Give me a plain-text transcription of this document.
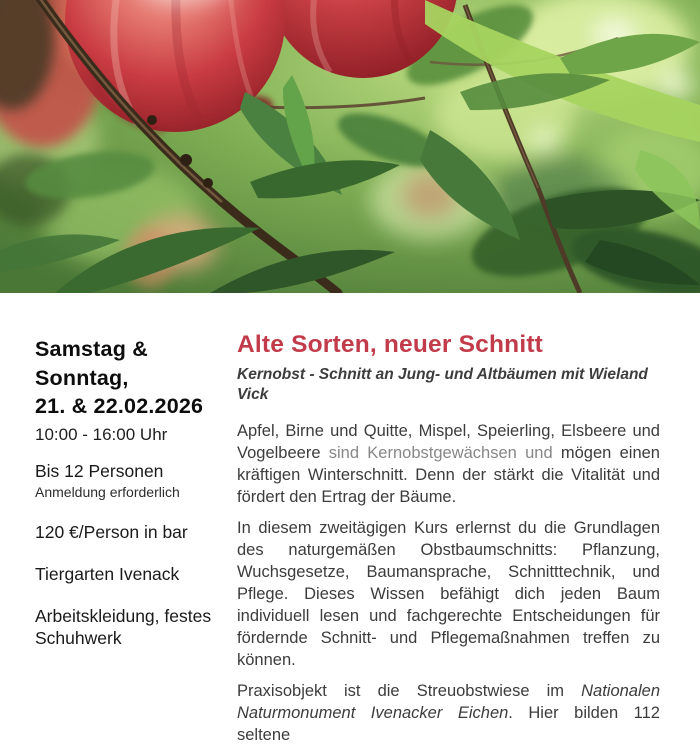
Samstag &
Sonntag,
21. & 22.02.2026
10:00 - 16:00 Uhr
Bis 12 Personen
Anmeldung erforderlich
120 €/Person in bar
Tiergarten Ivenack
Arbeitskleidung, festes Schuhwerk
Alte Sorten, neuer Schnitt
Kernobst - Schnitt an Jung- und Altbäumen mit Wieland Vick

Apfel, Birne und Quitte, Mispel, Speierling, Elsbeere und Vogelbeere sind Kernobstgewächsen und mögen einen kräftigen Winterschnitt. Denn der stärkt die Vitalität und fördert den Ertrag der Bäume.

In diesem zweitägigen Kurs erlernst du die Grundlagen des naturgemäßen Obstbaumschnitts: Pflanzung, Wuchsgesetze, Baumansprache, Schnitttechnik, und Pflege. Dieses Wissen befähigt dich jeden Baum individuell lesen und fachgerechte Entscheidungen für fördernde Schnitt- und Pflegemaßnahmen treffen zu können.

Praxisobjekt ist die Streuobstwiese im Nationalen Naturmonument Ivenacker Eichen. Hier bilden 112 seltene
